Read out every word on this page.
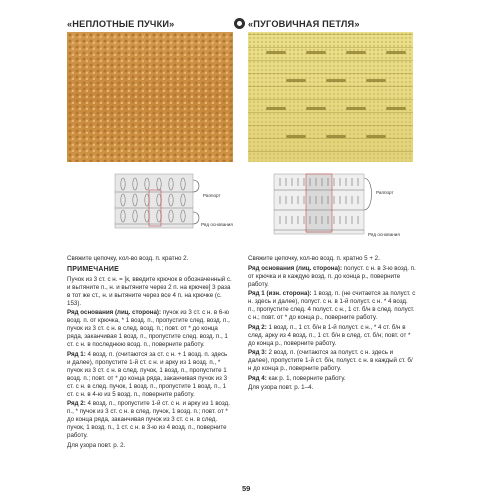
«НЕПЛОТНЫЕ ПУЧКИ»	«ПУГОВИЧНАЯ ПЕТЛЯ»
Раппорт
Ряд основания
Раппорт
Ряд основания

Свяжите цепочку, кол-во возд. п. кратно 2.

ПРИМЕЧАНИЕ

Пучок из 3 ст. с н. = [к, введите крючок в обозначенный с. и вытяните п., н. и вытяните через 2 п. на крючке] 3 раза в тот же ст., н. и вытяните через все 4 п. на крючке (с. 153).

Ряд основания (лиц. сторона): пучок из 3 ст. с н. в 6-ю возд. п. от крючка, * 1 возд. п., пропустите след. возд. п., пучок из 3 ст. с н. в след. возд. п.; повт. от * до конца ряда, заканчивая 1 возд. п., пропустите след. возд. п., 1 ст. с н. в последнюю возд. п., поверните работу.

Ряд 1: 4 возд. п. (считаются за ст. с н. + 1 возд. п. здесь и далее), пропустите 1-й ст. с н. и арку из 1 возд. п., * пучок из 3 ст. с н. в след. пучок, 1 возд. п., пропустите 1 возд. п.; повт. от * до конца ряда, заканчивая пучок из 3 ст. с н. в след. пучок, 1 возд. п., пропустите 1 возд. п., 1 ст. с н. в 4-ю из 5 возд. п., поверните работу.

Ряд 2: 4 возд. п., пропустите 1-й ст. с н. и арку из 1 возд. п., * пучок из 3 ст. с н. в след. пучок, 1 возд. п.; повт. от * до конца ряда, заканчивая пучок из 3 ст. с н. в след. пучок, 1 возд. п., 1 ст. с н. в 3-ю из 4 возд. п., поверните работу.

Для узора повт. р. 2.

Свяжите цепочку, кол-во возд. п. кратно 5 + 2.

Ряд основания (лиц. сторона): полуст. с н. в 3-ю возд. п. от крючка и в каждую возд. п. до конца р., поверните работу.

Ряд 1 (изн. сторона): 1 возд. п. (не считается за полуст. с н. здесь и далее), полуст. с н. в 1-й полуст. с н. * 4 возд. п., пропустите след. 4 полуст. с н., 1 ст. б/н в след. полуст. с н.; повт. от * до конца р., поверните работу.

Ряд 2: 1 возд. п., 1 ст. б/н в 1-й полуст. с н., * 4 ст. б/н в след. арку из 4 возд. п., 1 ст. б/н в след. ст. б/н; повт. от * до конца р., поверните работу.

Ряд 3: 2 возд. п. (считаются за полуст. с н. здесь и далее), пропустите 1-й ст. б/н, полуст. с н. в каждый ст. б/н до конца р., поверните работу.

Ряд 4: как р. 1, поверните работу.

Для узора повт. р. 1–4.

59
